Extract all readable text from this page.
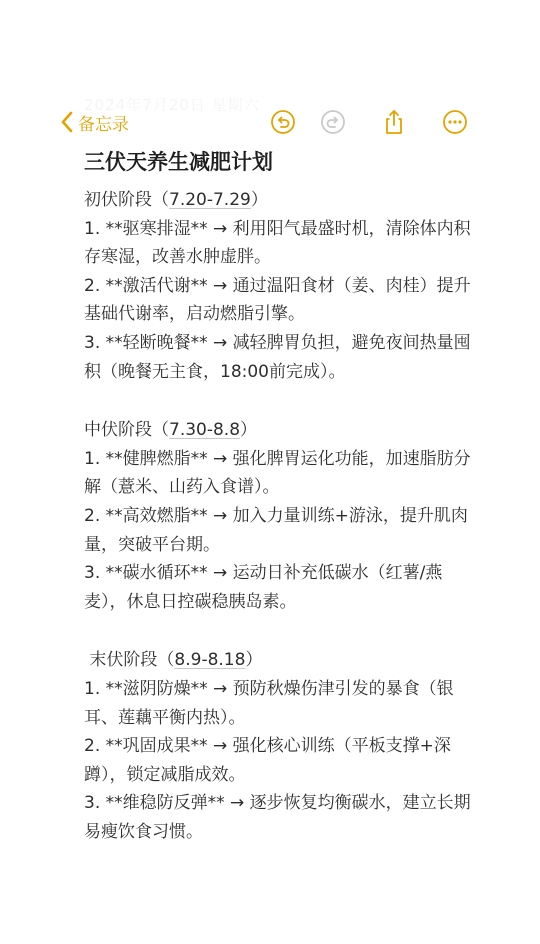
2024年7月20日 星期六
备忘录
三伏天养生减肥计划
初伏阶段（7.20-7.29）
1. **驱寒排湿** → 利用阳气最盛时机，清除体内积存寒湿，改善水肿虚胖。
2. **激活代谢** → 通过温阳食材（姜、肉桂）提升基础代谢率，启动燃脂引擎。
3. **轻断晚餐** → 减轻脾胃负担，避免夜间热量囤积（晚餐无主食，18:00前完成）。
中伏阶段（7.30-8.8）
1. **健脾燃脂** → 强化脾胃运化功能，加速脂肪分解（薏米、山药入食谱）。
2. **高效燃脂** → 加入力量训练+游泳，提升肌肉量，突破平台期。
3. **碳水循环** → 运动日补充低碳水（红薯/燕麦），休息日控碳稳胰岛素。
末伏阶段（8.9-8.18）
1. **滋阴防燥** → 预防秋燥伤津引发的暴食（银耳、莲藕平衡内热）。
2. **巩固成果** → 强化核心训练（平板支撑+深蹲），锁定减脂成效。
3. **维稳防反弹** → 逐步恢复均衡碳水，建立长期易瘦饮食习惯。
